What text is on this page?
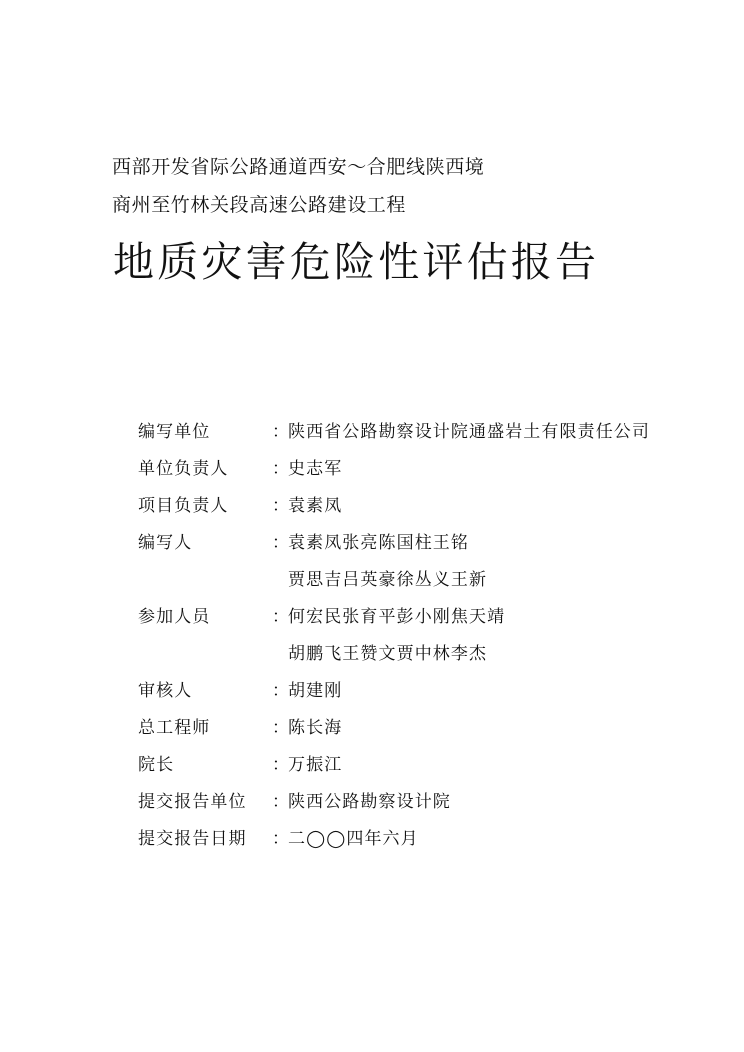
西部开发省际公路通道西安～合肥线陕西境
商州至竹林关段高速公路建设工程
地质灾害危险性评估报告
编写单位	：
陕西省公路勘察设计院通盛岩土有限责任公司
单位负责人	：
史志军
项目负责人	：
袁素凤
编写人	：
袁素凤张亮陈国柱王铭
贾思吉吕英豪徐丛义王新
参加人员	：
何宏民张育平彭小刚焦天靖
胡鹏飞王赞文贾中林李杰
审核人	：
胡建刚
总工程师	：
陈长海
院长	：
万振江
提交报告单位 ：
陕西公路勘察设计院
提交报告日期 ：
二◯◯四年六月
